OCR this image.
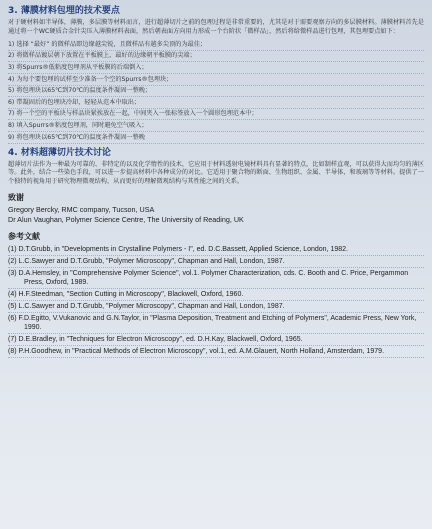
3. 薄膜材料包埋的技术要点
对于硬材料如半导体，薄膜，多层膜等材料而言，进行超薄切片之前的包埋过程是非常重要的，尤其是对于需要观察方向的多层膜材料。薄膜材料首先是通过将一个WC硬质合金针尖压入薄膜材料表面，然后朝表面方向用力形成一个台阶状「微样品」，然后将给微样品进行包埋，其包埋要点如下：
1) 选择 “最好” 的微样品即边缘越尖锐，且微样品有越多尖顶的为最佳；
2) 将微样品镀层朝下放置在平板膜上，最好的边缘朝平板膜的尖端；
3) 将Spurrs®低粘度包埋剂从平板膜的后端倒入；
4) 为每个要包埋的试样至少准备一个空的Spurrs®包埋块；
5) 将包埋块以65℃到70℃的温度条件凝固一整晚；
6) 带凝固后的包埋块冷却，轻轻从范本中取出；
7) 将一个空的平板块与样品块紧挨放在一起，中间夹入一张标签放入一个圆形包埋范本中；
8) 填入Spurrs®粘度包埋剂，同时避免空气吸入；
9) 将包埋块以65℃到70℃的温度条件凝固一整晚
4. 材料超薄切片技术讨论
超薄切片法作为一种最为可靠的、非特定的以及化学惰性的技术，它应用于材料透射电镜材料具有显著的特点，比如制样直观，可以获得大而均匀的薄区等。此外，结合一些染色手段，可以进一步提高材料中各种成分的对比。它适用于聚合物的断面、生物组织、金属、半导体，和玻璃等等材料。提供了一个独特的视角用于研究物理微观结构，从而更好的理解微观结构与其性能之间的关系。
致谢

Gregory Bercky, RMC company, Tucson, USA

Dr Alun Vaughan, Polymer Science Centre, The University of Reading, UK

参考文献
(1) D.T.Grubb, in "Developments in Crystalline Polymers - I", ed. D.C.Bassett, Applied Science, London, 1982.
(2) L.C.Sawyer and D.T.Grubb, "Polymer Microscopy", Chapman and Hall, London, 1987.
(3) D.A.Hemsley, in "Comprehensive Polymer Science", vol.1. Polymer Characterization, cds. C. Booth and C. Price, Pergammon Press, Oxford, 1989.
(4) H.F.Steedman, "Section Cutting in Microscopy", Blackwell, Oxford, 1960.
(5) L.C.Sawyer and D.T.Grubb, "Polymer Microscopy", Chapman and Hall, London, 1987.
(6) F.D.Egitto, V.Vukanovic and G.N.Taylor, in "Plasma Deposition, Treatment and Etching of Polymers", Academic Press, New York, 1990.
(7) D.E.Bradley, in "Techniques for Electron Microscopy", ed. D.H.Kay, Blackwell, Oxford, 1965.
(8) P.H.Goodhew, in "Practical Methods of Electron Microscopy", vol.1, ed. A.M.Glauert, North Holland, Amsterdam, 1979.
